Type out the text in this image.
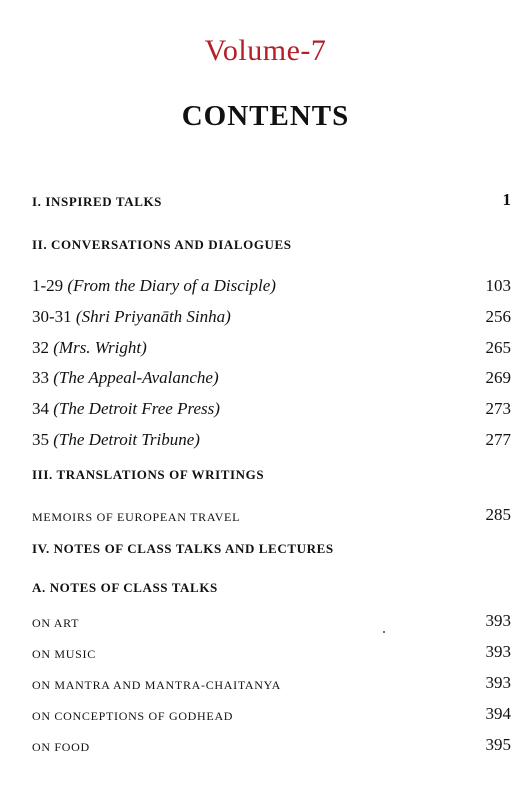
Volume-7
CONTENTS
I. INSPIRED TALKS	1
II. CONVERSATIONS AND DIALOGUES
1-29 (From the Diary of a Disciple)	103
30-31 (Shri Priyanāth Sinha)	256
32 (Mrs. Wright)	265
33 (The Appeal-Avalanche)	269
34 (The Detroit Free Press)	273
35 (The Detroit Tribune)	277
III. TRANSLATIONS OF WRITINGS
MEMOIRS OF EUROPEAN TRAVEL	285
IV. NOTES OF CLASS TALKS AND LECTURES
A. NOTES OF CLASS TALKS
ON ART	393
ON MUSIC	393
ON MANTRA AND MANTRA-CHAITANYA	393
ON CONCEPTIONS OF GODHEAD	394
ON FOOD	395
